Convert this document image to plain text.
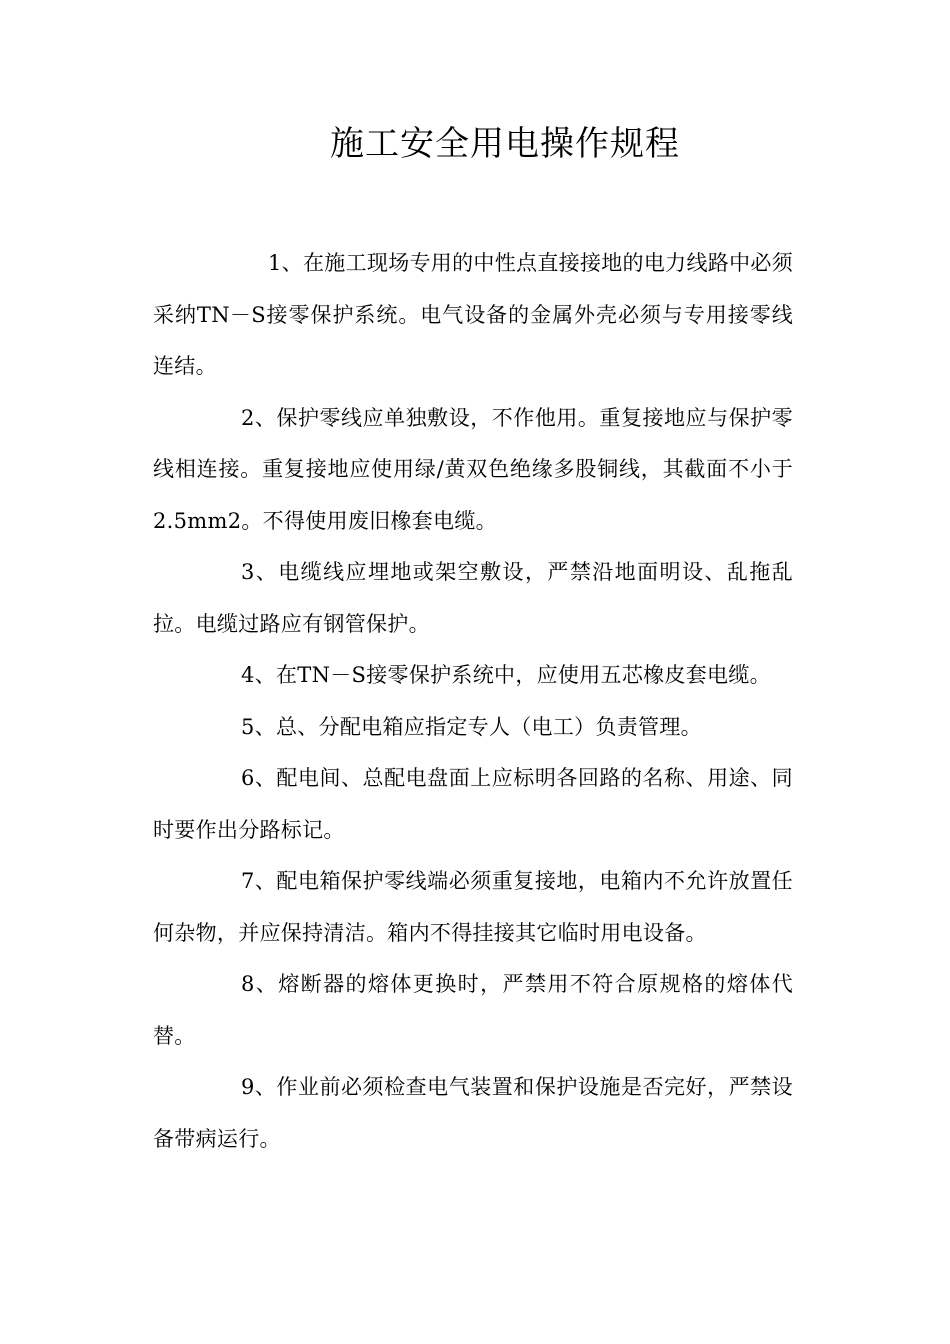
施工安全用电操作规程

1、在施工现场专用的中性点直接接地的电力线路中必须采纳TN－S接零保护系统。电气设备的金属外壳必须与专用接零线连结。

2、保护零线应单独敷设，不作他用。重复接地应与保护零线相连接。重复接地应使用绿/黄双色绝缘多股铜线，其截面不小于2.5mm2。不得使用废旧橡套电缆。

3、电缆线应埋地或架空敷设，严禁沿地面明设、乱拖乱拉。电缆过路应有钢管保护。

4、在TN－S接零保护系统中，应使用五芯橡皮套电缆。

5、总、分配电箱应指定专人（电工）负责管理。

6、配电间、总配电盘面上应标明各回路的名称、用途、同时要作出分路标记。

7、配电箱保护零线端必须重复接地，电箱内不允许放置任何杂物，并应保持清洁。箱内不得挂接其它临时用电设备。

8、熔断器的熔体更换时，严禁用不符合原规格的熔体代替。

9、作业前必须检查电气装置和保护设施是否完好，严禁设备带病运行。
